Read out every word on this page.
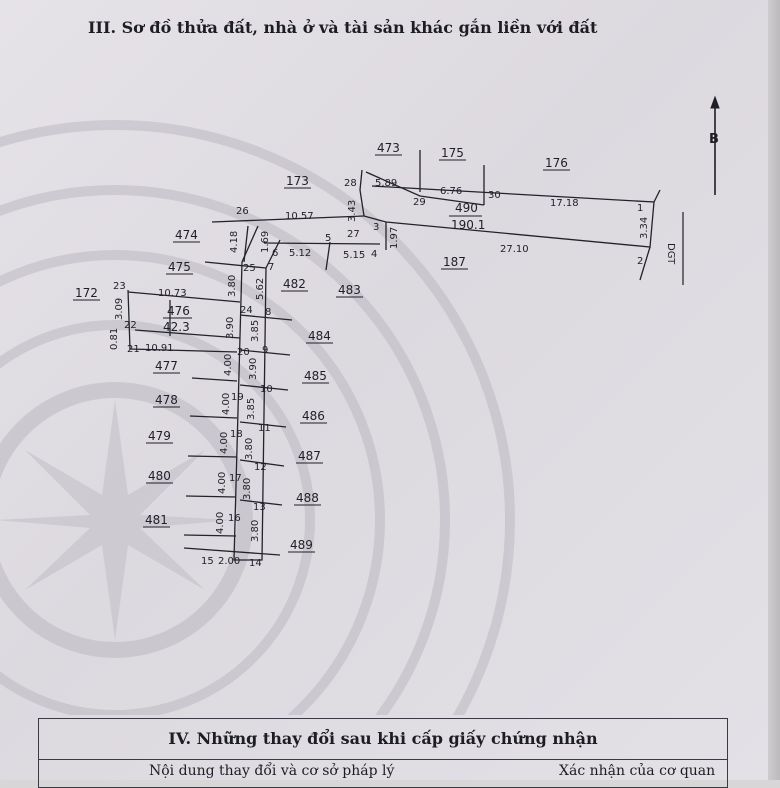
III. Sơ đồ thửa đất, nhà ở và tài sản khác gắn liền với đất
B
DGT
473	175
176
173
490
190.1
474
475	187
172
476
42.3
482	483
484
477
485
478
486
479
487
480
488
481
489
1
2
3
4
5
6
7
8
9
10
11
12
13
14
15
16
17
18
19
20
21
22
23
24
25
26
27
28
29
30
5.89
6.76
17.18
3.43
10.57
1.97	3.34
27.10
5.12	5.15
4.18 1.69
3.80 5.62
10.73
3.09
0.81	10.91
3.90 3.85
4.00 3.90
4.00 3.85
4.00 3.80
4.00 3.80
4.00 3.80
2.00
IV. Những thay đổi sau khi cấp giấy chứng nhận
Nội dung thay đổi và cơ sở pháp lý	Xác nhận của cơ quan
